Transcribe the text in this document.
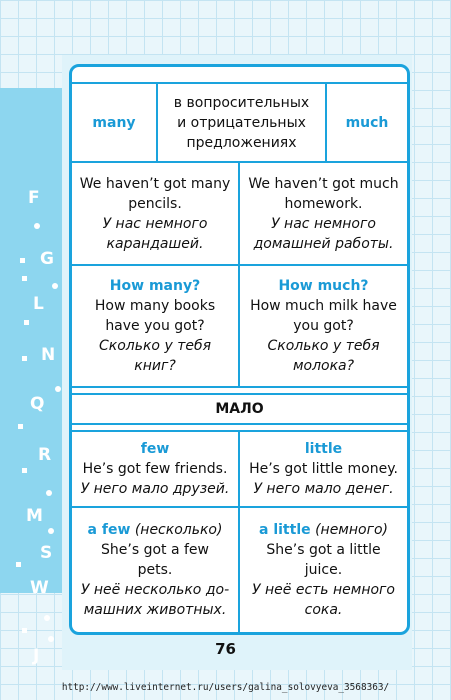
F
G
L
N
Q
R
M
S
W
J
many
в вопросительных
и отрицательных
предложениях
much
We haven’t got many
pencils.
У нас немного
карандашей.
We haven’t got much
homework.
У нас немного
домашней работы.
How many?
How many books
have you got?
Сколько у тебя
книг?
How much?
How much milk have
you got?
Сколько у тебя
молока?
МАЛО
few
He’s got few friends.
У него мало друзей.
little
He’s got little money.
У него мало денег.
a few (несколько)
She’s got a few
pets.
У неё несколько до-
машних животных.
a little (немного)
She’s got a little
juice.
У неё есть немного
сока.
76
http://www.liveinternet.ru/users/galina_solovyeva_3568363/
